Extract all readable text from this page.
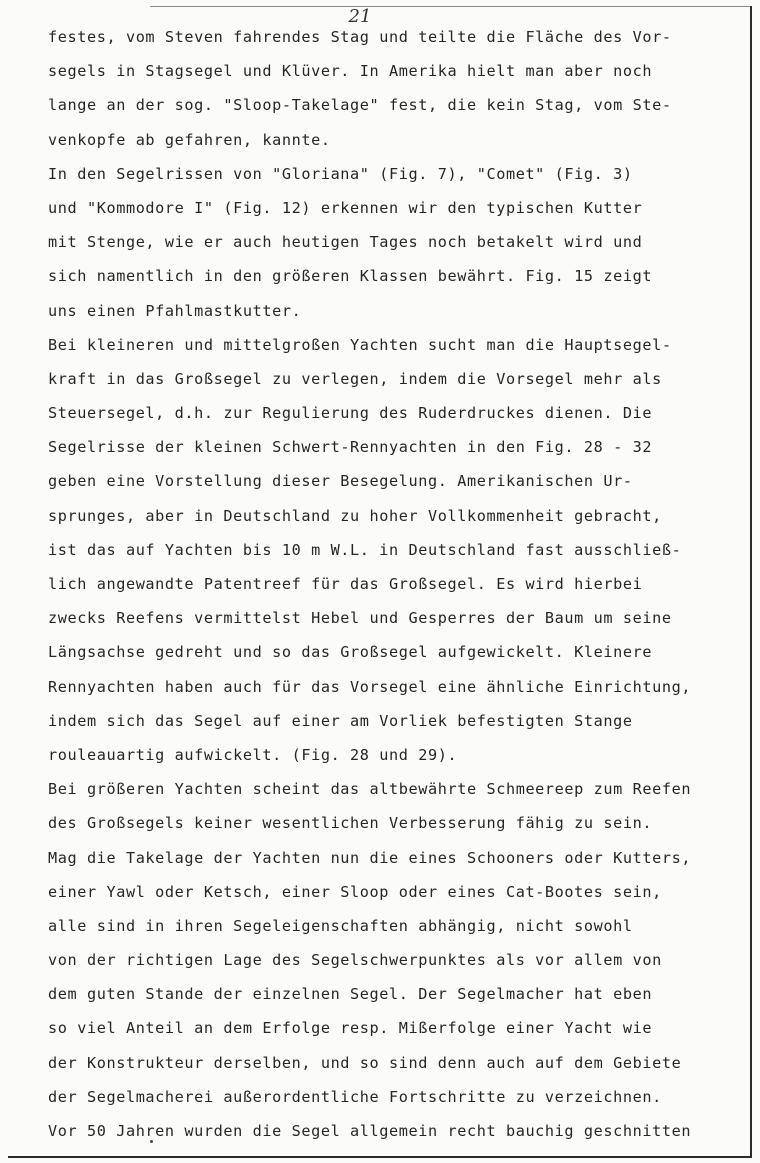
21
festes, vom Steven fahrendes Stag und teilte die Fläche des Vor-
segels in Stagsegel und Klüver. In Amerika hielt man aber noch
lange an der sog. "Sloop-Takelage" fest, die kein Stag, vom Ste-
venkopfe ab gefahren, kannte.
In den Segelrissen von "Gloriana" (Fig. 7), "Comet" (Fig. 3)
und "Kommodore I" (Fig. 12) erkennen wir den typischen Kutter
mit Stenge, wie er auch heutigen Tages noch betakelt wird und
sich namentlich in den größeren Klassen bewährt. Fig. 15 zeigt
uns einen Pfahlmastkutter.
Bei kleineren und mittelgroßen Yachten sucht man die Hauptsegel-
kraft in das Großsegel zu verlegen, indem die Vorsegel mehr als
Steuersegel, d.h. zur Regulierung des Ruderdruckes dienen. Die
Segelrisse der kleinen Schwert-Rennyachten in den Fig. 28 - 32
geben eine Vorstellung dieser Besegelung. Amerikanischen Ur-
sprunges, aber in Deutschland zu hoher Vollkommenheit gebracht,
ist das auf Yachten bis 10 m W.L. in Deutschland fast ausschließ-
lich angewandte Patentreef für das Großsegel. Es wird hierbei
zwecks Reefens vermittelst Hebel und Gesperres der Baum um seine
Längsachse gedreht und so das Großsegel aufgewickelt. Kleinere
Rennyachten haben auch für das Vorsegel eine ähnliche Einrichtung,
indem sich das Segel auf einer am Vorliek befestigten Stange
rouleauartig aufwickelt. (Fig. 28 und 29).
Bei größeren Yachten scheint das altbewährte Schmeereep zum Reefen
des Großsegels keiner wesentlichen Verbesserung fähig zu sein.
Mag die Takelage der Yachten nun die eines Schooners oder Kutters,
einer Yawl oder Ketsch, einer Sloop oder eines Cat-Bootes sein,
alle sind in ihren Segeleigenschaften abhängig, nicht sowohl
von der richtigen Lage des Segelschwerpunktes als vor allem von
dem guten Stande der einzelnen Segel. Der Segelmacher hat eben
so viel Anteil an dem Erfolge resp. Mißerfolge einer Yacht wie
der Konstrukteur derselben, und so sind denn auch auf dem Gebiete
der Segelmacherei außerordentliche Fortschritte zu verzeichnen.
Vor 50 Jahren wurden die Segel allgemein recht bauchig geschnitten
